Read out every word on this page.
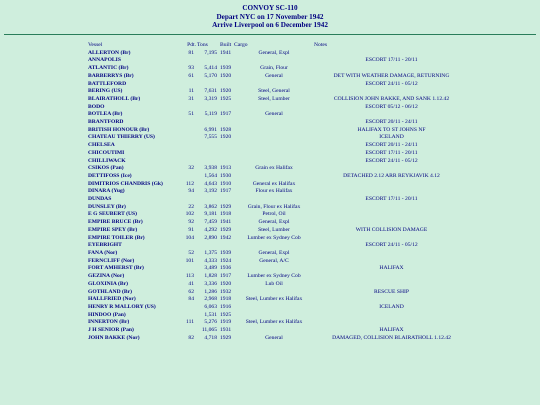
CONVOY SC-110
Depart NYC on 17 November 1942
Arrive Liverpool on 6 December 1942
Vessel	Pdt.	Tons	Built	Cargo	Notes
ALLERTON (Br)	81	7,195	1941	General, Expl	
ANNAPOLIS					ESCORT 17/11 - 20/11
ATLANTIC (Br)	93	5,414	1939	Grain, Flour	
BARBERRYS (Br)	61	5,170	1920	General	DET WITH WEATHER DAMAGE, RETURNING
BATTLEFORD					ESCORT 24/11 - 05/12
BERING (US)	11	7,631	1920	Steel, General	
BLAIRATHOLL (Br)	31	3,319	1925	Steel, Lumber	COLLISION JOHN BAKKE, AND SANK 1.12.42
BODO					ESCORT 05/12 - 06/12
BOTLEA (Br)	51	5,119	1917	General	
BRANTFORD					ESCORT 20/11 - 24/11
BRITISH HONOUR (Br)		6,991	1928		HALIFAX TO ST JOHNS NF
CHATEAU THIERRY (US)		7,555	1920		ICELAND
CHELSEA					ESCORT 20/11 - 24/11
CHICOUTIMI					ESCORT 17/11 - 20/11
CHILLIWACK					ESCORT 24/11 - 05/12
CSIKOS (Pan)	32	3,938	1913	Grain ex Halifax	
DETTIFOSS (Ice)		1,564	1930		DETACHED 2.12 ARR REYKJAVIK 4.12
DIMITRIOS CHANDRIS (Gk)	112	4,643	1910	General ex Halifax	
DINARA (Yug)	94	3,192	1917	Flour ex Halifax	
DUNDAS					ESCORT 17/11 - 20/11
DUNSLEY (Br)	22	3,862	1929	Grain, Flour ex Halifax	
E G SEUBERT (US)	102	9,181	1918	Petrol, Oil	
EMPIRE BRUCE (Br)	92	7,459	1941	General, Expl	
EMPIRE SPEY (Br)	91	4,292	1929	Steel, Lumber	WITH COLLISION DAMAGE
EMPIRE TOILER (Br)	104	2,890	1942	Lumber ex Sydney Cob	
EYEBRIGHT					ESCORT 24/11 - 05/12
FANA (Nor)	52	1,375	1939	General, Expl	
FERNCLIFF (Nor)	101	4,333	1924	General, A/C	
FORT AMHERST (Br)		3,489	1936		HALIFAX
GEZINA (Nor)	113	1,828	1917	Lumber ex Sydney Cob	
GLOXINIA (Br)	41	3,336	1920	Lub Oil	
GOTHLAND (Br)	62	1,286	1932		RESCUE SHIP
HALLFRIED (Nor)	84	2,968	1918	Steel, Lumber ex Halifax	
HENRY R MALLORY (US)		6,063	1916		ICELAND
HINDOO (Pan)		1,531	1925		
INNERTON (Br)	111	5,276	1919	Steel, Lumber ex Halifax	
J H SENIOR (Pan)		11,065	1931		HALIFAX
JOHN BAKKE (Nor)	82	4,718	1929	General	DAMAGED, COLLISION BLAIRATHOLL 1.12.42
